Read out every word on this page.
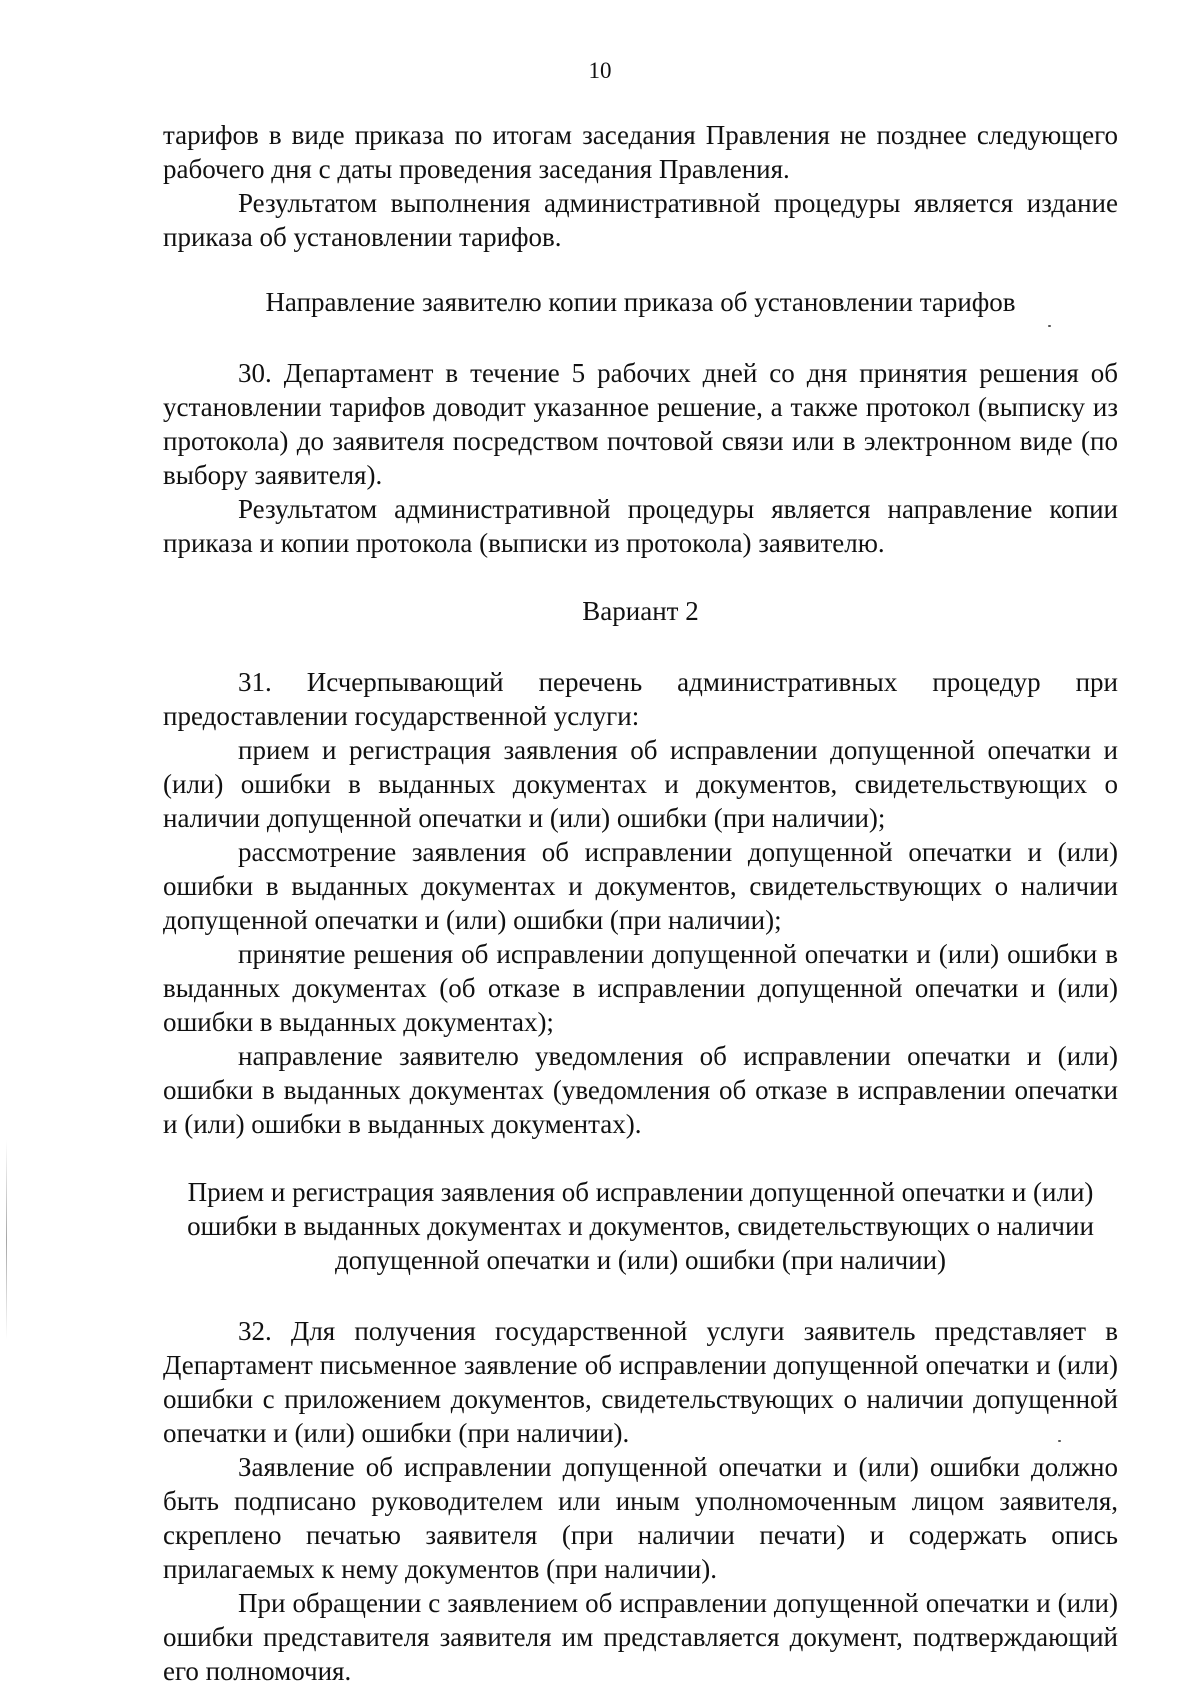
10

тарифов в виде приказа по итогам заседания Правления не позднее следующего рабочего дня с даты проведения заседания Правления.

Результатом выполнения административной процедуры является издание приказа об установлении тарифов.

Направление заявителю копии приказа об установлении тарифов

30. Департамент в течение 5 рабочих дней со дня принятия решения об установлении тарифов доводит указанное решение, а также протокол (выписку из протокола) до заявителя посредством почтовой связи или в электронном виде (по выбору заявителя).

Результатом административной процедуры является направление копии приказа и копии протокола (выписки из протокола) заявителю.

Вариант 2

31. Исчерпывающий перечень административных процедур при предоставлении государственной услуги:

прием и регистрация заявления об исправлении допущенной опечатки и (или) ошибки в выданных документах и документов, свидетельствующих о наличии допущенной опечатки и (или) ошибки (при наличии);

рассмотрение заявления об исправлении допущенной опечатки и (или) ошибки в выданных документах и документов, свидетельствующих о наличии допущенной опечатки и (или) ошибки (при наличии);

принятие решения об исправлении допущенной опечатки и (или) ошибки в выданных документах (об отказе в исправлении допущенной опечатки и (или) ошибки в выданных документах);

направление заявителю уведомления об исправлении опечатки и (или) ошибки в выданных документах (уведомления об отказе в исправлении опечатки и (или) ошибки в выданных документах).

Прием и регистрация заявления об исправлении допущенной опечатки и (или)
ошибки в выданных документах и документов, свидетельствующих о наличии
допущенной опечатки и (или) ошибки (при наличии)

32. Для получения государственной услуги заявитель представляет в Департамент письменное заявление об исправлении допущенной опечатки и (или) ошибки с приложением документов, свидетельствующих о наличии допущенной опечатки и (или) ошибки (при наличии).

Заявление об исправлении допущенной опечатки и (или) ошибки должно быть подписано руководителем или иным уполномоченным лицом заявителя, скреплено печатью заявителя (при наличии печати) и содержать опись прилагаемых к нему документов (при наличии).

При обращении с заявлением об исправлении допущенной опечатки и (или) ошибки представителя заявителя им представляется документ, подтверждающий его полномочия.
